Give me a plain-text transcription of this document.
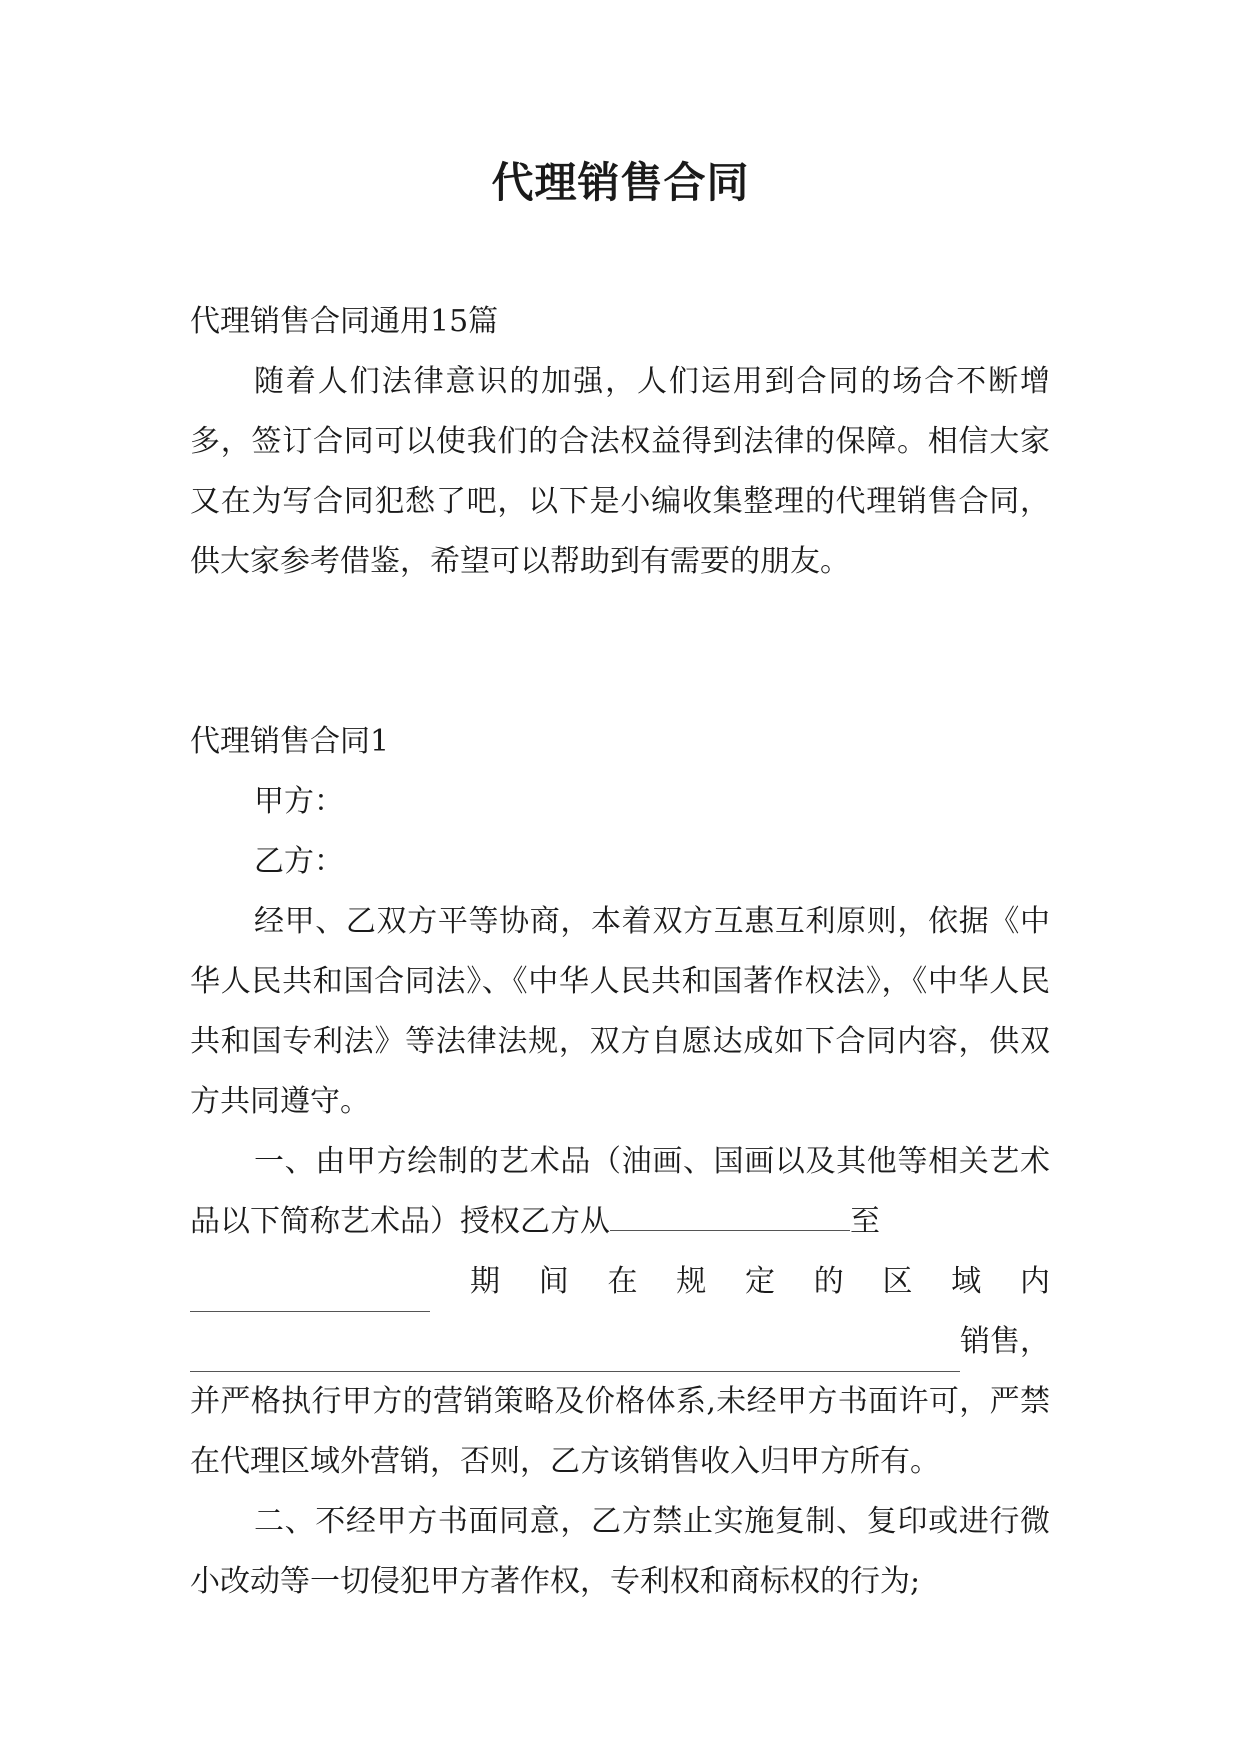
代理销售合同

代理销售合同通用15篇

随着人们法律意识的加强，人们运用到合同的场合不断增多，签订合同可以使我们的合法权益得到法律的保障。相信大家又在为写合同犯愁了吧，以下是小编收集整理的代理销售合同，供大家参考借鉴，希望可以帮助到有需要的朋友。

代理销售合同1

甲方：

乙方：

经甲、乙双方平等协商，本着双方互惠互利原则，依据《中华人民共和国合同法》、《中华人民共和国著作权法》，《中华人民共和国专利法》等法律法规，双方自愿达成如下合同内容，供双方共同遵守。

一、由甲方绘制的艺术品（油画、国画以及其他等相关艺术品以下简称艺术品）授权乙方从	至

期 间 在 规 定 的 区 域 内
销售，

并严格执行甲方的营销策略及价格体系,未经甲方书面许可，严禁在代理区域外营销，否则，乙方该销售收入归甲方所有。

二、不经甲方书面同意，乙方禁止实施复制、复印或进行微小改动等一切侵犯甲方著作权，专利权和商标权的行为;
